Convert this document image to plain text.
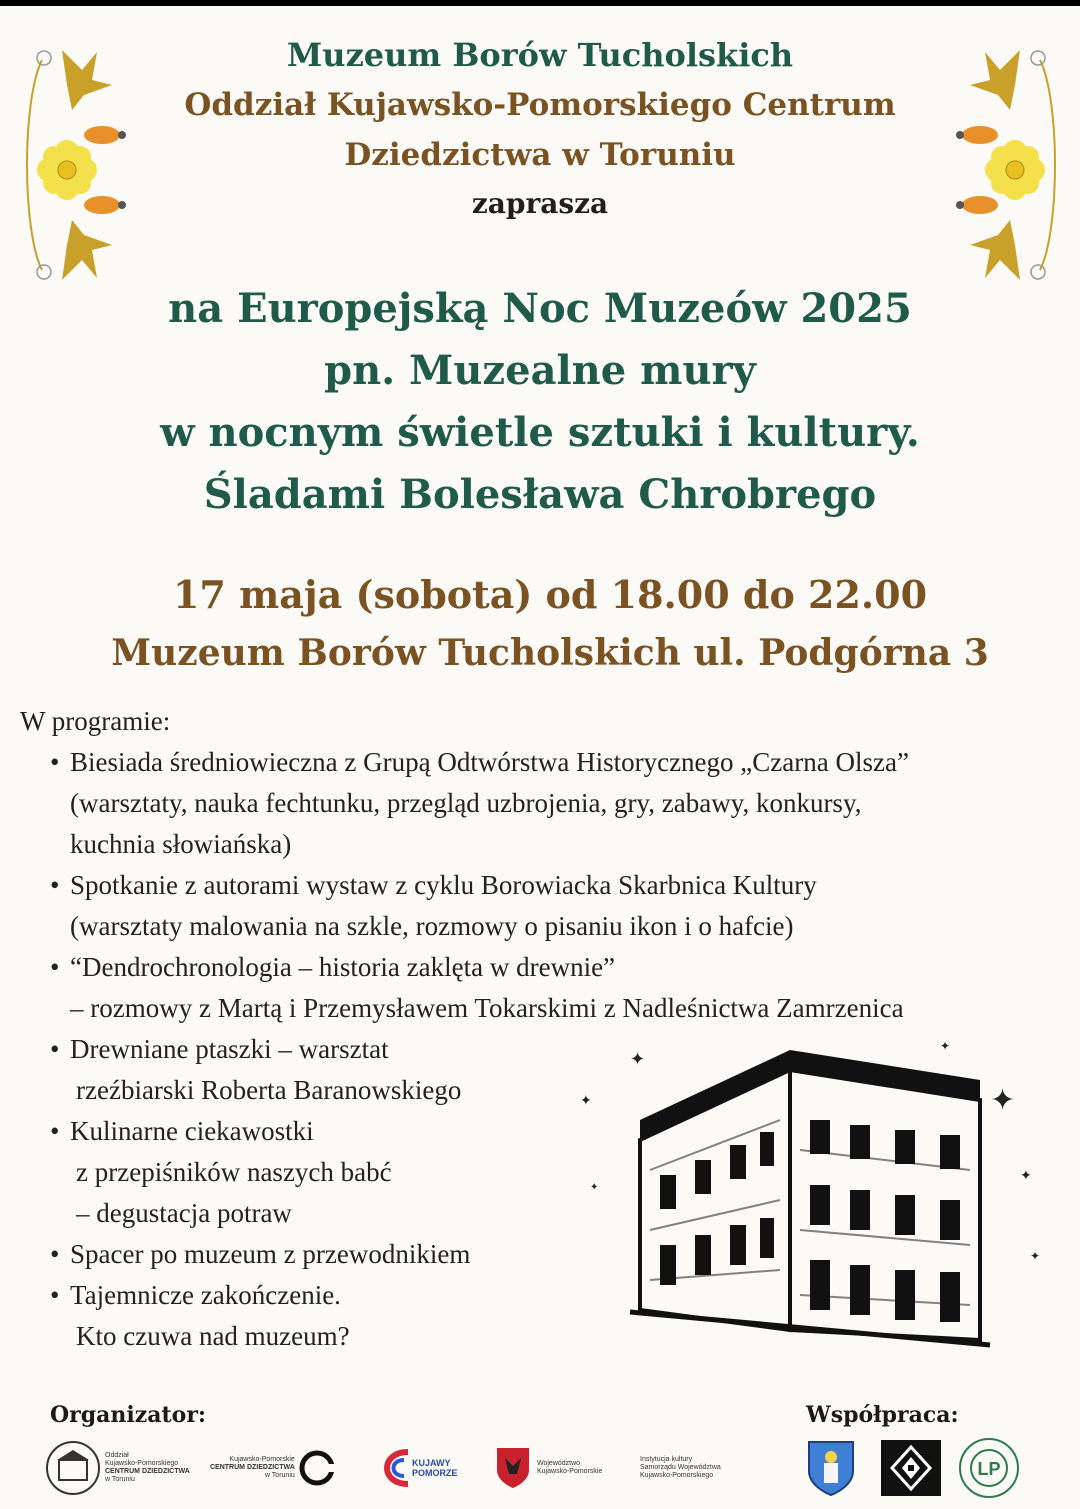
Muzeum Borów Tucholskich
Oddział Kujawsko-Pomorskiego Centrum
Dziedzictwa w Toruniu
zaprasza
na Europejską Noc Muzeów 2025
pn. Muzealne mury
w nocnym świetle sztuki i kultury.
Śladami Bolesława Chrobrego
17 maja (sobota) od 18.00 do 22.00
Muzeum Borów Tucholskich ul. Podgórna 3
✦
✦	✦
✦
✦
✦
✦
W programie:
• Biesiada średniowieczna z Grupą Odtwórstwa Historycznego „Czarna Olsza”
(warsztaty, nauka fechtunku, przegląd uzbrojenia, gry, zabawy, konkursy,
kuchnia słowiańska)
• Spotkanie z autorami wystaw z cyklu Borowiacka Skarbnica Kultury
(warsztaty malowania na szkle, rozmowy o pisaniu ikon i o hafcie)
• “Dendrochronologia – historia zaklęta w drewnie”
– rozmowy z Martą i Przemysławem Tokarskimi z Nadleśnictwa Zamrzenica
• Drewniane ptaszki – warsztat
rzeźbiarski Roberta Baranowskiego
• Kulinarne ciekawostki
z przepiśników naszych babć
– degustacja potraw
• Spacer po muzeum z przewodnikiem
• Tajemnicze zakończenie.
Kto czuwa nad muzeum?
Organizator:	Współpraca:
Oddział
Kujawsko-Pomorskiego
CENTRUM DZIEDZICTWA
w Toruniu
Kujawsko-Pomorskie
CENTRUM DZIEDZICTWA
w Toruniu
KUJAWY
POMORZE
Województwo
Kujawsko-Pomorskie
Instytucja kultury
Samorządu Województwa
Kujawsko-Pomorskiego	LP
